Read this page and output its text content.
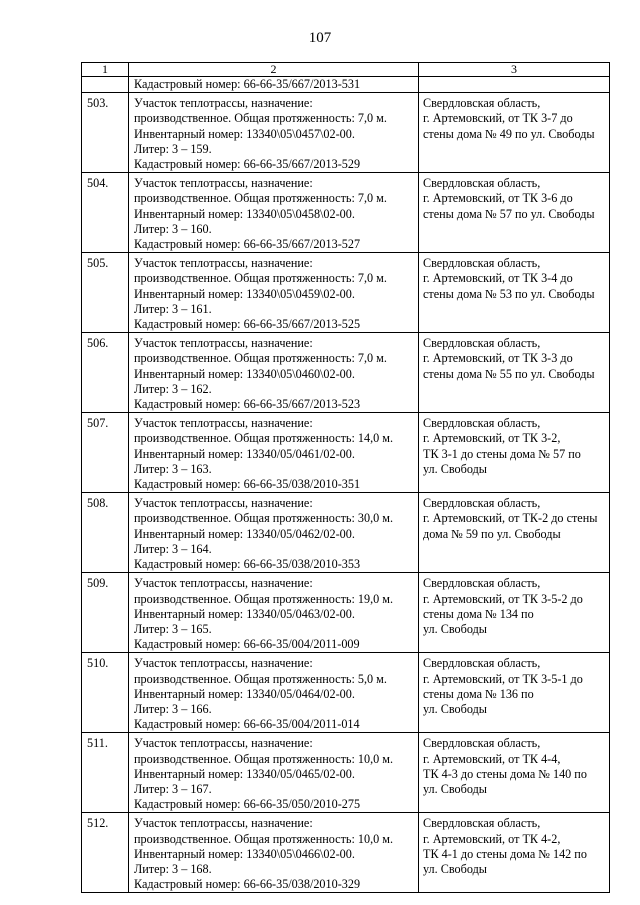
107
1	2	3

	Кадастровый номер: 66-66-35/667/2013-531	

503.	Участок теплотрассы, назначение:
производственное. Общая протяженность: 7,0 м.
Инвентарный номер: 13340\05\0457\02-00.
Литер: 3 – 159.
Кадастровый номер: 66-66-35/667/2013-529	Свердловская область,
г. Артемовский, от ТК 3-7 до
стены дома № 49 по ул. Свободы

504.	Участок теплотрассы, назначение:
производственное. Общая протяженность: 7,0 м.
Инвентарный номер: 13340\05\0458\02-00.
Литер: 3 – 160.
Кадастровый номер: 66-66-35/667/2013-527	Свердловская область,
г. Артемовский, от ТК 3-6 до
стены дома № 57 по ул. Свободы

505.	Участок теплотрассы, назначение:
производственное. Общая протяженность: 7,0 м.
Инвентарный номер: 13340\05\0459\02-00.
Литер: 3 – 161.
Кадастровый номер: 66-66-35/667/2013-525	Свердловская область,
г. Артемовский, от ТК 3-4 до
стены дома № 53 по ул. Свободы

506.	Участок теплотрассы, назначение:
производственное. Общая протяженность: 7,0 м.
Инвентарный номер: 13340\05\0460\02-00.
Литер: 3 – 162.
Кадастровый номер: 66-66-35/667/2013-523	Свердловская область,
г. Артемовский, от ТК 3-3 до
стены дома № 55 по ул. Свободы

507.	Участок теплотрассы, назначение:
производственное. Общая протяженность: 14,0 м.
Инвентарный номер: 13340/05/0461/02-00.
Литер: 3 – 163.
Кадастровый номер: 66-66-35/038/2010-351	Свердловская область,
г. Артемовский, от ТК 3-2,
ТК 3-1 до стены дома № 57 по
ул. Свободы

508.	Участок теплотрассы, назначение:
производственное. Общая протяженность: 30,0 м.
Инвентарный номер: 13340/05/0462/02-00.
Литер: 3 – 164.
Кадастровый номер: 66-66-35/038/2010-353	Свердловская область,
г. Артемовский, от ТК-2 до стены
дома № 59 по ул. Свободы

509.	Участок теплотрассы, назначение:
производственное. Общая протяженность: 19,0 м.
Инвентарный номер: 13340/05/0463/02-00.
Литер: 3 – 165.
Кадастровый номер: 66-66-35/004/2011-009	Свердловская область,
г. Артемовский, от ТК 3-5-2 до
стены дома № 134 по
ул. Свободы

510.	Участок теплотрассы, назначение:
производственное. Общая протяженность: 5,0 м.
Инвентарный номер: 13340/05/0464/02-00.
Литер: 3 – 166.
Кадастровый номер: 66-66-35/004/2011-014	Свердловская область,
г. Артемовский, от ТК 3-5-1 до
стены дома № 136 по
ул. Свободы

511.	Участок теплотрассы, назначение:
производственное. Общая протяженность: 10,0 м.
Инвентарный номер: 13340/05/0465/02-00.
Литер: 3 – 167.
Кадастровый номер: 66-66-35/050/2010-275	Свердловская область,
г. Артемовский, от ТК 4-4,
ТК 4-3 до стены дома № 140 по
ул. Свободы

512.	Участок теплотрассы, назначение:
производственное. Общая протяженность: 10,0 м.
Инвентарный номер: 13340\05\0466\02-00.
Литер: 3 – 168.
Кадастровый номер: 66-66-35/038/2010-329	Свердловская область,
г. Артемовский, от ТК 4-2,
ТК 4-1 до стены дома № 142 по
ул. Свободы
